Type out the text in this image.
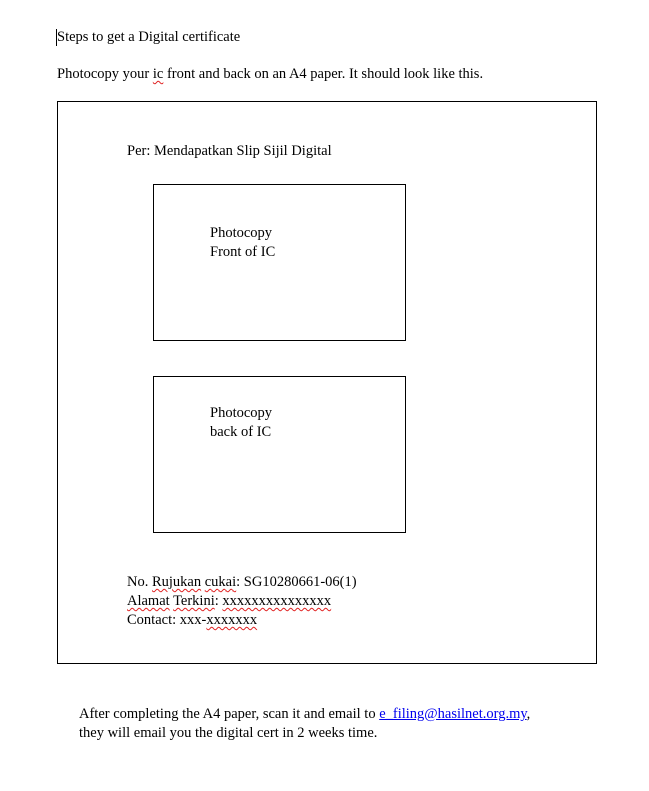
Steps to get a Digital certificate
Photocopy your ic front and back on an A4 paper. It should look like this.
Per: Mendapatkan Slip Sijil Digital
Photocopy
Front of IC
Photocopy
back of IC
No. Rujukan cukai: SG10280661-06(1)
Alamat Terkini: xxxxxxxxxxxxxxx
Contact: xxx-xxxxxxx
After completing the A4 paper, scan it and email to e_filing@hasilnet.org.my,
they will email you the digital cert in 2 weeks time.
